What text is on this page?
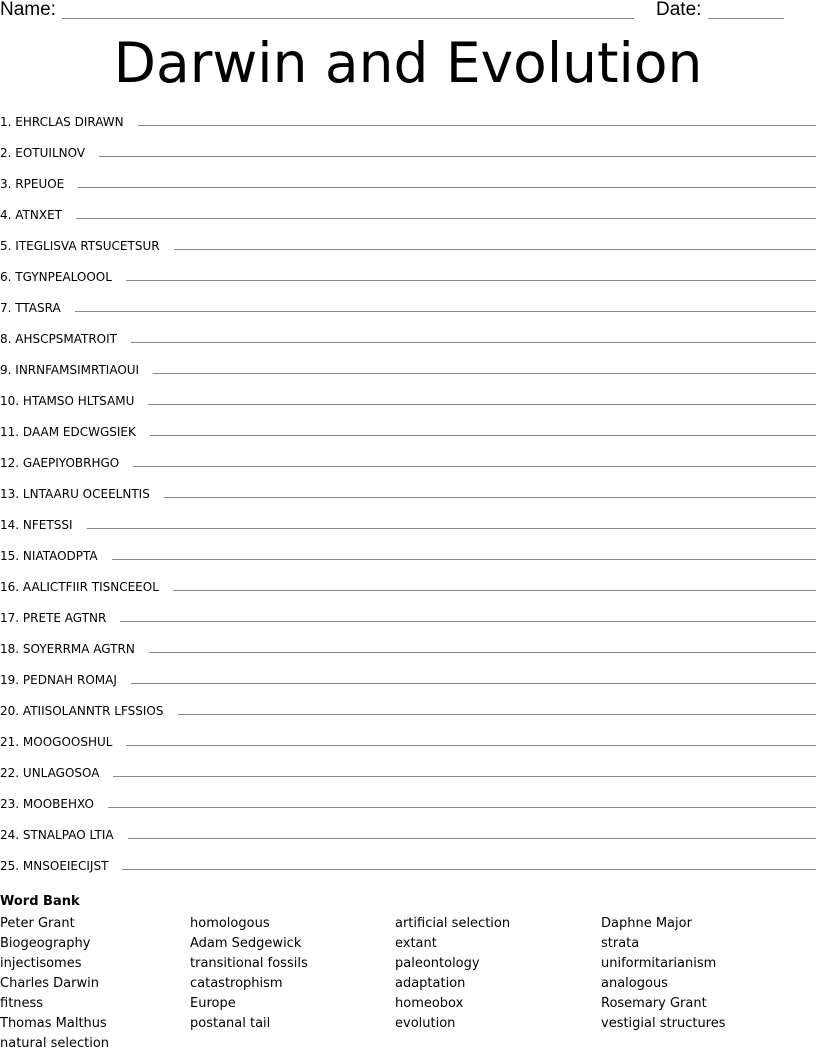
Name:	Date:
Darwin and Evolution
1.
EHRCLAS DIRAWN
2.
EOTUILNOV
3.
RPEUOE
4.
ATNXET
5.
ITEGLISVA RTSUCETSUR
6.
TGYNPEALOOOL
7.
TTASRA
8.
AHSCPSMATROIT
9.
INRNFAMSIMRTIAOUI
10.
HTAMSO HLTSAMU
11.
DAAM EDCWGSIEK
12.
GAEPIYOBRHGO
13.
LNTAARU OCEELNTIS
14.
NFETSSI
15.
NIATAODPTA
16.
AALICTFIIR TISNCEEOL
17.
PRETE AGTNR
18.
SOYERRMA AGTRN
19.
PEDNAH ROMAJ
20.
ATIISOLANNTR LFSSIOS
21.
MOOGOOSHUL
22.
UNLAGOSOA
23.
MOOBEHXO
24.
STNALPAO LTIA
25.
MNSOEIECIJST
Word Bank
Peter Grant
Biogeography
injectisomes
Charles Darwin
fitness
Thomas Malthus
natural selection
homologous
Adam Sedgewick
transitional fossils
catastrophism
Europe
postanal tail
artificial selection
extant
paleontology
adaptation
homeobox
evolution
Daphne Major
strata
uniformitarianism
analogous
Rosemary Grant
vestigial structures
